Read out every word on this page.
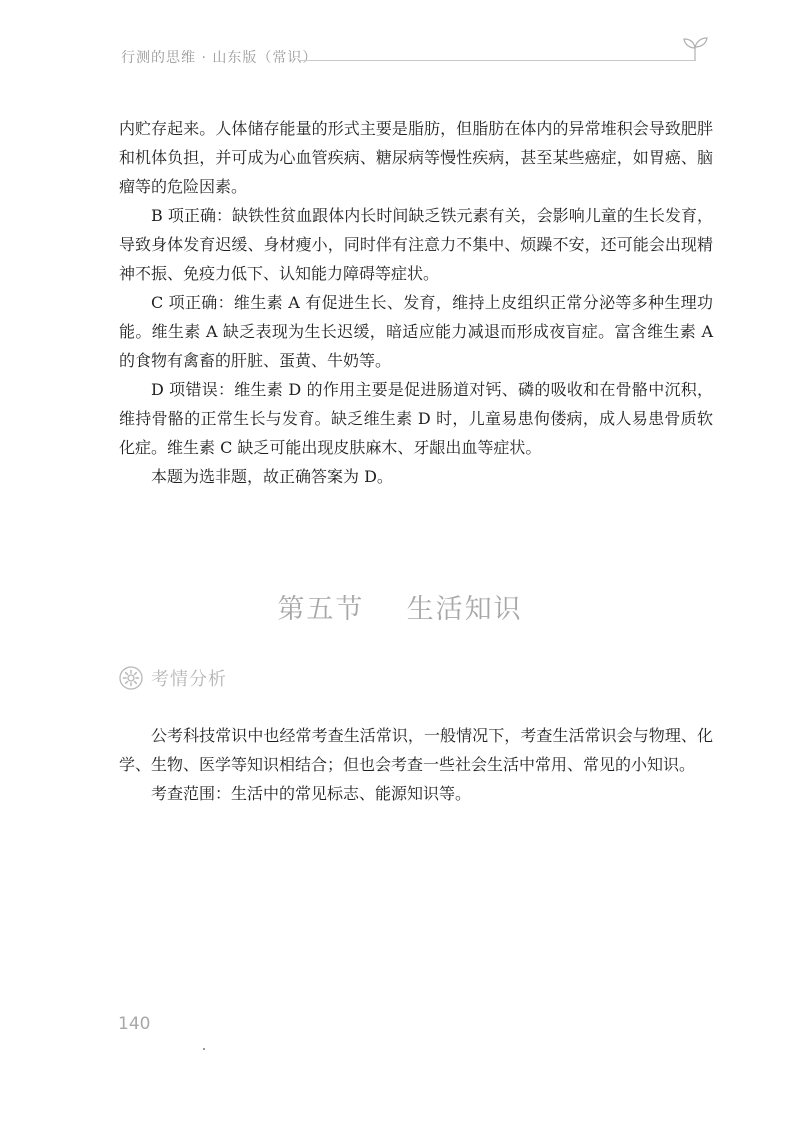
行测的思维 · 山东版（常识）

内贮存起来。人体储存能量的形式主要是脂肪，但脂肪在体内的异常堆积会导致肥胖和机体负担，并可成为心血管疾病、糖尿病等慢性疾病，甚至某些癌症，如胃癌、脑瘤等的危险因素。

B 项正确：缺铁性贫血跟体内长时间缺乏铁元素有关，会影响儿童的生长发育，导致身体发育迟缓、身材瘦小，同时伴有注意力不集中、烦躁不安，还可能会出现精神不振、免疫力低下、认知能力障碍等症状。

C 项正确：维生素 A 有促进生长、发育，维持上皮组织正常分泌等多种生理功能。维生素 A 缺乏表现为生长迟缓，暗适应能力减退而形成夜盲症。富含维生素 A 的食物有禽畜的肝脏、蛋黄、牛奶等。

D 项错误：维生素 D 的作用主要是促进肠道对钙、磷的吸收和在骨骼中沉积，维持骨骼的正常生长与发育。缺乏维生素 D 时，儿童易患佝偻病，成人易患骨质软化症。维生素 C 缺乏可能出现皮肤麻木、牙龈出血等症状。

本题为选非题，故正确答案为 D。

第五节    生活知识
考情分析

公考科技常识中也经常考查生活常识，一般情况下，考查生活常识会与物理、化学、生物、医学等知识相结合；但也会考查一些社会生活中常用、常见的小知识。

考查范围：生活中的常见标志、能源知识等。

140
